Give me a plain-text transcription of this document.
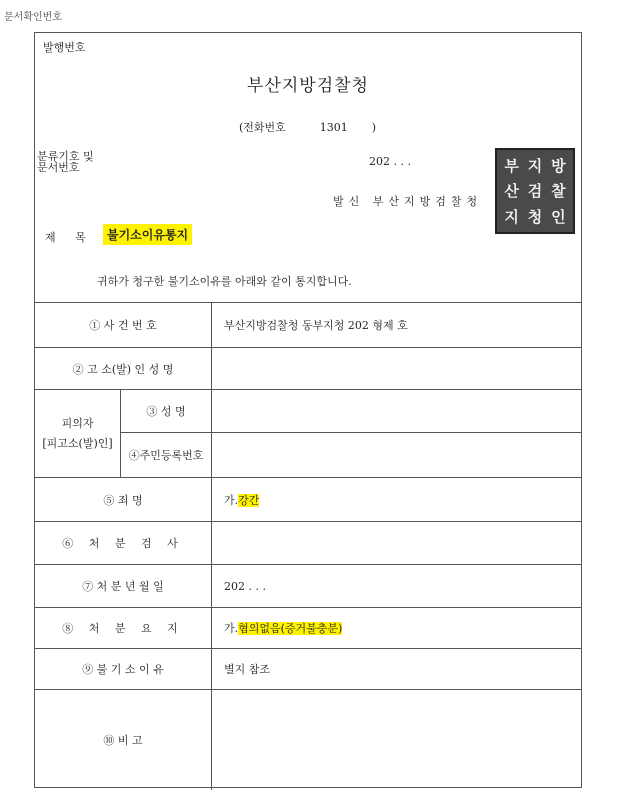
문서확인번호
발행번호
부산지방검찰청
(전화번호	1301 )
분류기호 및
문서번호	202 . . .
발신 부산지방검찰청
부 지 방
산 검 찰
지 청 인
제 목	불기소이유통지
귀하가 청구한 불기소이유를 아래와 같이 통지합니다.
① 사 건 번 호		부산지방검찰청 동부지청 202 형제 호
② 고 소(발) 인 성 명		

피의자
[피고소(발)인]	③ 성 명	
	④주민등록번호	
⑤ 죄 명		가.강간
⑥ 처 분 검 사		
⑦ 처 분 년 월 일		202 . . .
⑧ 처 분 요 지		가.혐의없음(증거불충분)
⑨ 불 기 소 이 유		별지 참조
⑩ 비 고		
